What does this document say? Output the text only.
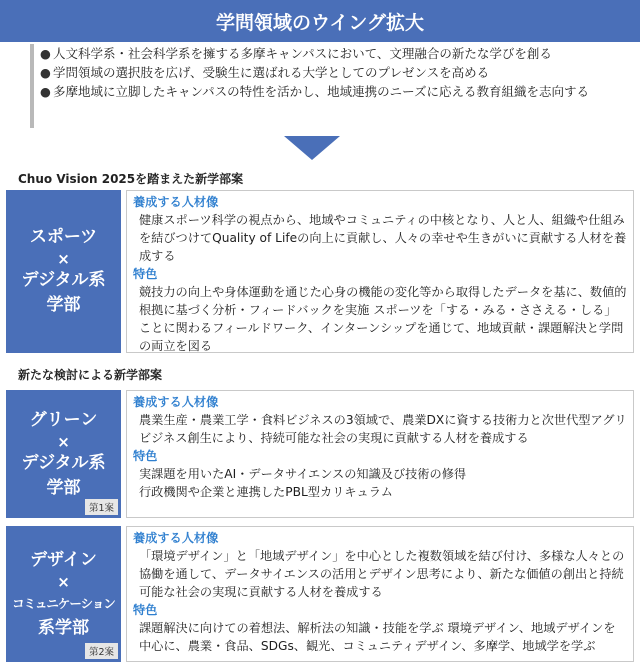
学問領域のウイング拡大
● 人文科学系・社会科学系を擁する多摩キャンパスにおいて、文理融合の新たな学びを創る
● 学問領域の選択肢を広げ、受験生に選ばれる大学としてのプレゼンスを高める
● 多摩地域に立脚したキャンパスの特性を活かし、地域連携のニーズに応える教育組織を志向する
Chuo Vision 2025を踏まえた新学部案
スポーツ
×
デジタル系
学部
養成する人材像
健康スポーツ科学の視点から、地域やコミュニティの中核となり、人と人、組織や仕組みを結びつけてQuality of Lifeの向上に貢献し、人々の幸せや生きがいに貢献する人材を養成する
特色
競技力の向上や身体運動を通じた心身の機能の変化等から取得したデータを基に、数値的根拠に基づく分析・フィードバックを実施 スポーツを「する・みる・ささえる・しる」ことに関わるフィールドワーク、インターンシップを通じて、地域貢献・課題解決と学問の両立を図る
新たな検討による新学部案
グリーン
×
デジタル系
学部
第1案
養成する人材像
農業生産・農業工学・食料ビジネスの3領域で、農業DXに資する技術力と次世代型アグリ
ビジネス創生により、持続可能な社会の実現に貢献する人材を養成する
特色
実課題を用いたAI・データサイエンスの知識及び技術の修得
行政機関や企業と連携したPBL型カリキュラム
デザイン
×
コミュニケーション
系学部
第2案
養成する人材像
「環境デザイン」と「地域デザイン」を中心とした複数領域を結び付け、多様な人々との協働を通して、データサイエンスの活用とデザイン思考により、新たな価値の創出と持続可能な社会の実現に貢献する人材を養成する
特色
課題解決に向けての着想法、解析法の知識・技能を学ぶ 環境デザイン、地域デザインを中心に、農業・食品、SDGs、観光、コミュニティデザイン、多摩学、地域学を学ぶ
